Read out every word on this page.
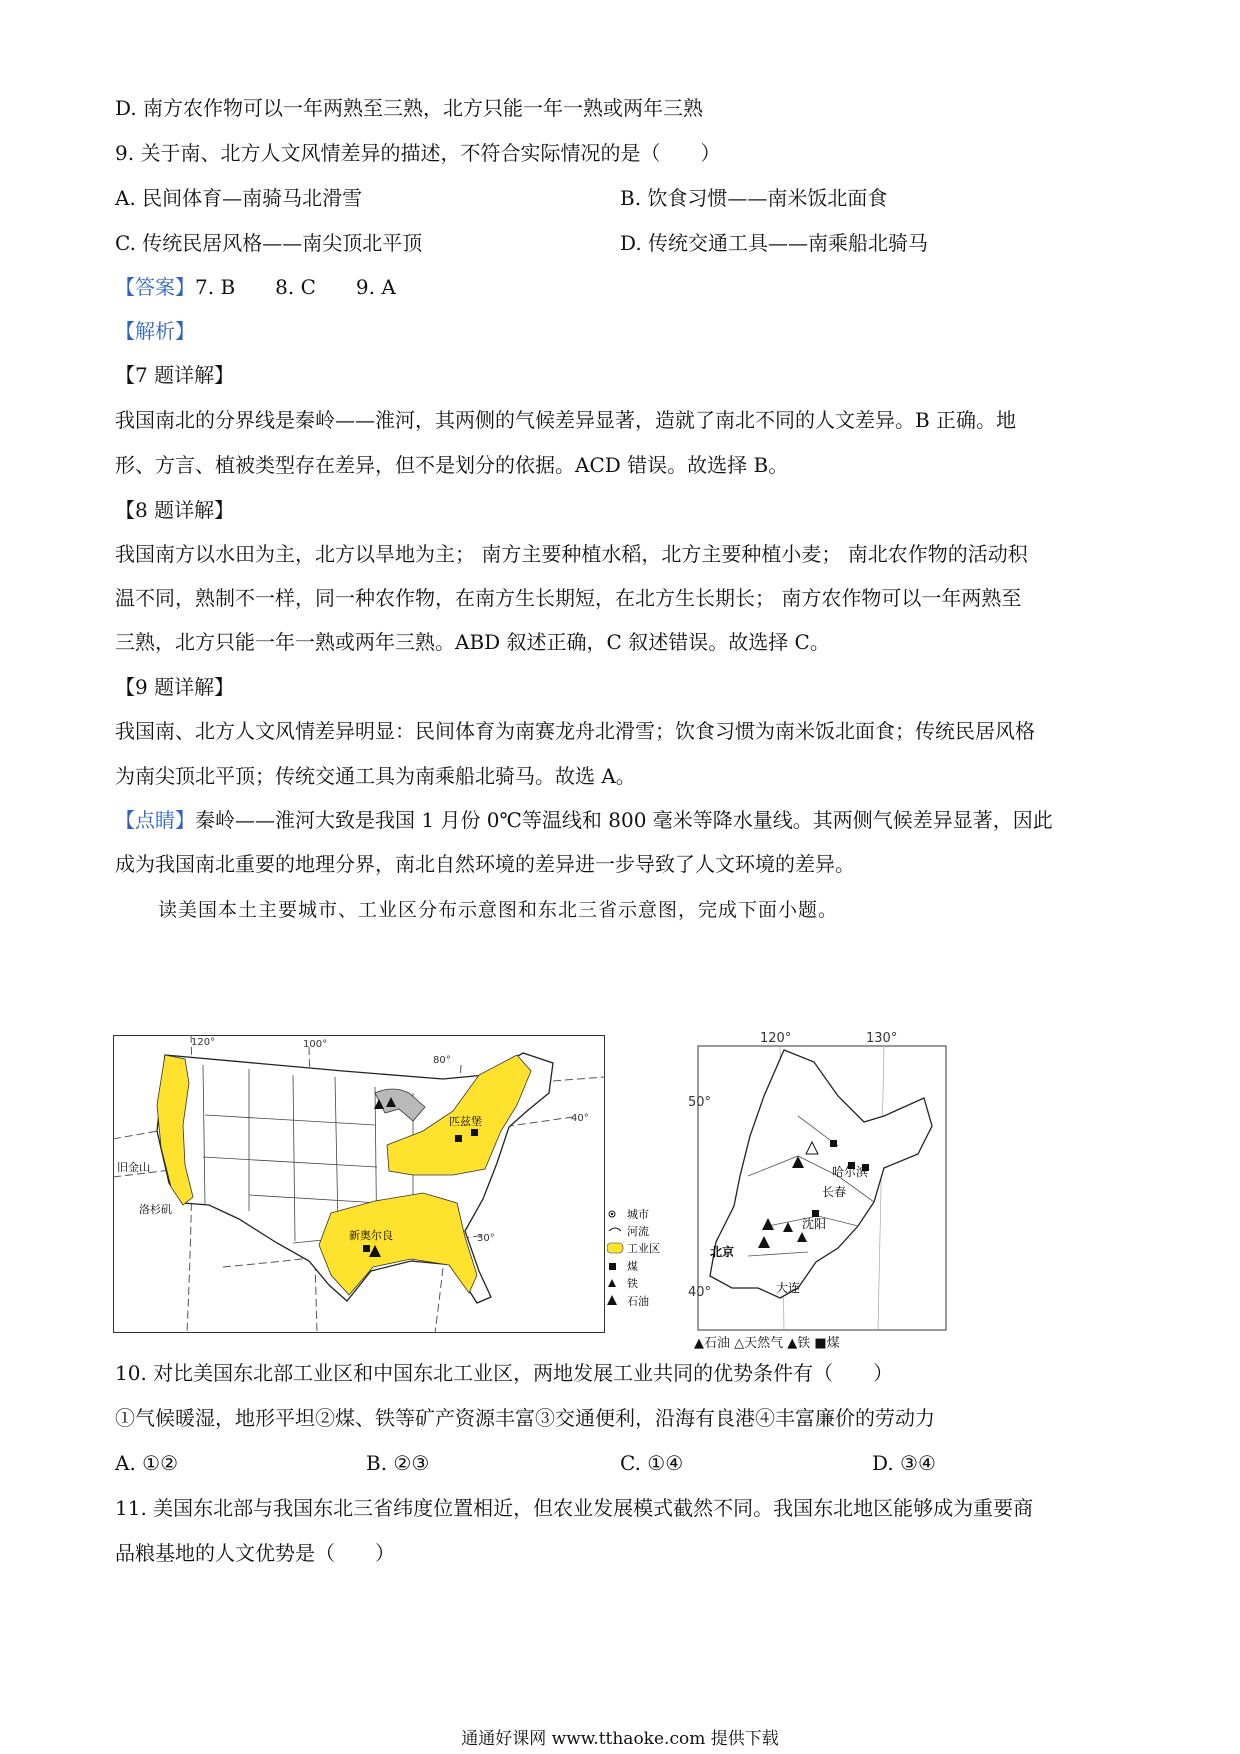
D. 南方农作物可以一年两熟至三熟，北方只能一年一熟或两年三熟
9. 关于南、北方人文风情差异的描述，不符合实际情况的是（　　）
A. 民间体育—南骑马北滑雪	B. 饮食习惯——南米饭北面食
C. 传统民居风格——南尖顶北平顶	D. 传统交通工具——南乘船北骑马
【答案】7. B　　8. C　　9. A
【解析】
【7 题详解】
我国南北的分界线是秦岭——淮河，其两侧的气候差异显著，造就了南北不同的人文差异。B 正确。地
形、方言、植被类型存在差异，但不是划分的依据。ACD 错误。故选择 B。
【8 题详解】
我国南方以水田为主，北方以旱地为主； 南方主要种植水稻，北方主要种植小麦； 南北农作物的活动积
温不同，熟制不一样，同一种农作物，在南方生长期短，在北方生长期长； 南方农作物可以一年两熟至
三熟，北方只能一年一熟或两年三熟。ABD 叙述正确，C 叙述错误。故选择 C。
【9 题详解】
我国南、北方人文风情差异明显：民间体育为南赛龙舟北滑雪；饮食习惯为南米饭北面食；传统民居风格
为南尖顶北平顶；传统交通工具为南乘船北骑马。故选 A。
【点睛】秦岭——淮河大致是我国 1 月份 0℃等温线和 800 毫米等降水量线。其两侧气候差异显著，因此
成为我国南北重要的地理分界，南北自然环境的差异进一步导致了人文环境的差异。
读美国本土主要城市、工业区分布示意图和东北三省示意图，完成下面小题。
120°	100°
80°
40°
30°
旧金山
洛杉矶
匹兹堡
新奥尔良
城市
河流
工业区
煤
铁
石油
120°	130°
50°
40°
哈尔滨
长春
沈阳
北京
大连
▲石油 △天然气 ▲铁 ■煤
10. 对比美国东北部工业区和中国东北工业区，两地发展工业共同的优势条件有（　　）
①气候暖湿，地形平坦②煤、铁等矿产资源丰富③交通便利，沿海有良港④丰富廉价的劳动力
A. ①②	B. ②③	C. ①④	D. ③④
11. 美国东北部与我国东北三省纬度位置相近，但农业发展模式截然不同。我国东北地区能够成为重要商
品粮基地的人文优势是（　　）
通通好课网 www.tthaoke.com 提供下载
